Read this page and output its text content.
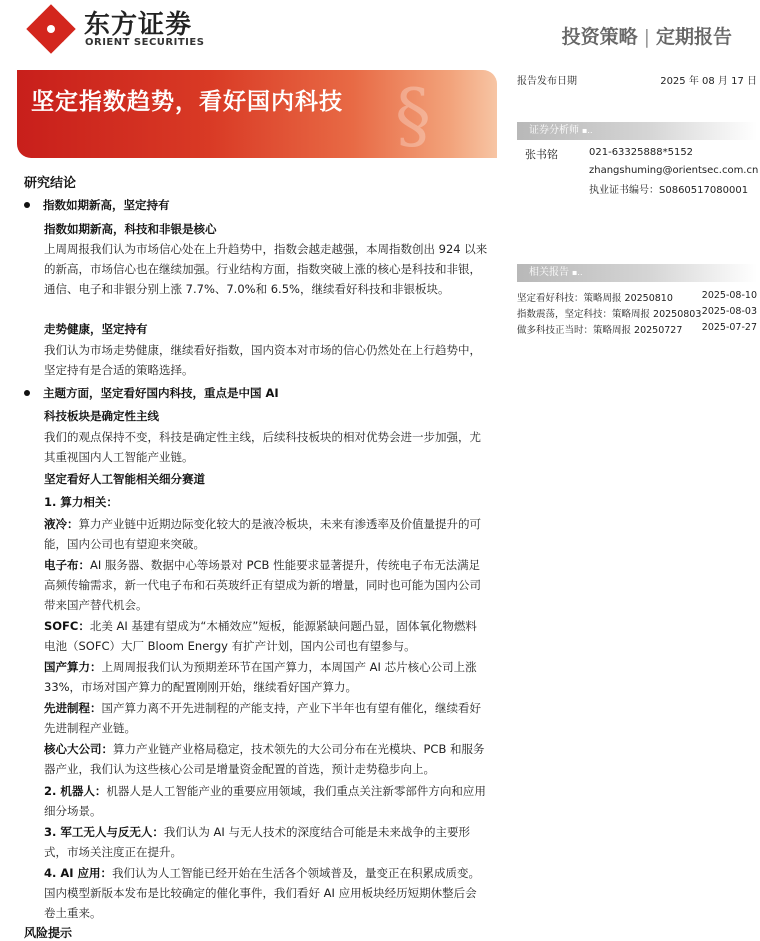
东方证劵
ORIENT SECURITIES	投资策略 | 定期报告
坚定指数趋势，看好国内科技 §	报告发布日期	2025 年 08 月 17 日
证券分析师 ▪..
张书铭	021-63325888*5152
zhangshuming@orientsec.com.cn
执业证书编号：S0860517080001
相关报告 ▪..
坚定看好科技：策略周报 20250810	2025-08-10
指数震荡，坚定科技：策略周报 20250803 2025-08-03
做多科技正当时：策略周报 20250727 2025-07-27
研究结论
指数如期新高，坚定持有
指数如期新高，科技和非银是核心
上周周报我们认为市场信心处在上升趋势中，指数会越走越强，本周指数创出 924 以来的新高，市场信心也在继续加强。行业结构方面，指数突破上涨的核心是科技和非银，通信、电子和非银分别上涨 7.7%、7.0%和 6.5%，继续看好科技和非银板块。
走势健康，坚定持有
我们认为市场走势健康，继续看好指数，国内资本对市场的信心仍然处在上行趋势中，坚定持有是合适的策略选择。
主题方面，坚定看好国内科技，重点是中国 AI
科技板块是确定性主线
我们的观点保持不变，科技是确定性主线，后续科技板块的相对优势会进一步加强，尤其重视国内人工智能产业链。
坚定看好人工智能相关细分赛道
1. 算力相关：
液冷：算力产业链中近期边际变化较大的是液冷板块，未来有渗透率及价值量提升的可能，国内公司也有望迎来突破。
电子布：AI 服务器、数据中心等场景对 PCB 性能要求显著提升，传统电子布无法满足高频传输需求，新一代电子布和石英玻纤正有望成为新的增量，同时也可能为国内公司带来国产替代机会。
SOFC：北美 AI 基建有望成为“木桶效应”短板，能源紧缺问题凸显，固体氧化物燃料电池（SOFC）大厂 Bloom Energy 有扩产计划，国内公司也有望参与。
国产算力：上周周报我们认为预期差环节在国产算力，本周国产 AI 芯片核心公司上涨 33%，市场对国产算力的配置刚刚开始，继续看好国产算力。
先进制程：国产算力离不开先进制程的产能支持，产业下半年也有望有催化，继续看好先进制程产业链。
核心大公司：算力产业链产业格局稳定，技术领先的大公司分布在光模块、PCB 和服务器产业，我们认为这些核心公司是增量资金配置的首选，预计走势稳步向上。
2. 机器人：机器人是人工智能产业的重要应用领域，我们重点关注新零部件方向和应用细分场景。
3. 军工无人与反无人：我们认为 AI 与无人技术的深度结合可能是未来战争的主要形式，市场关注度正在提升。
4. AI 应用：我们认为人工智能已经开始在生活各个领域普及，量变正在积累成质变。国内模型新版本发布是比较确定的催化事件，我们看好 AI 应用板块经历短期休整后会卷土重来。
风险提示
